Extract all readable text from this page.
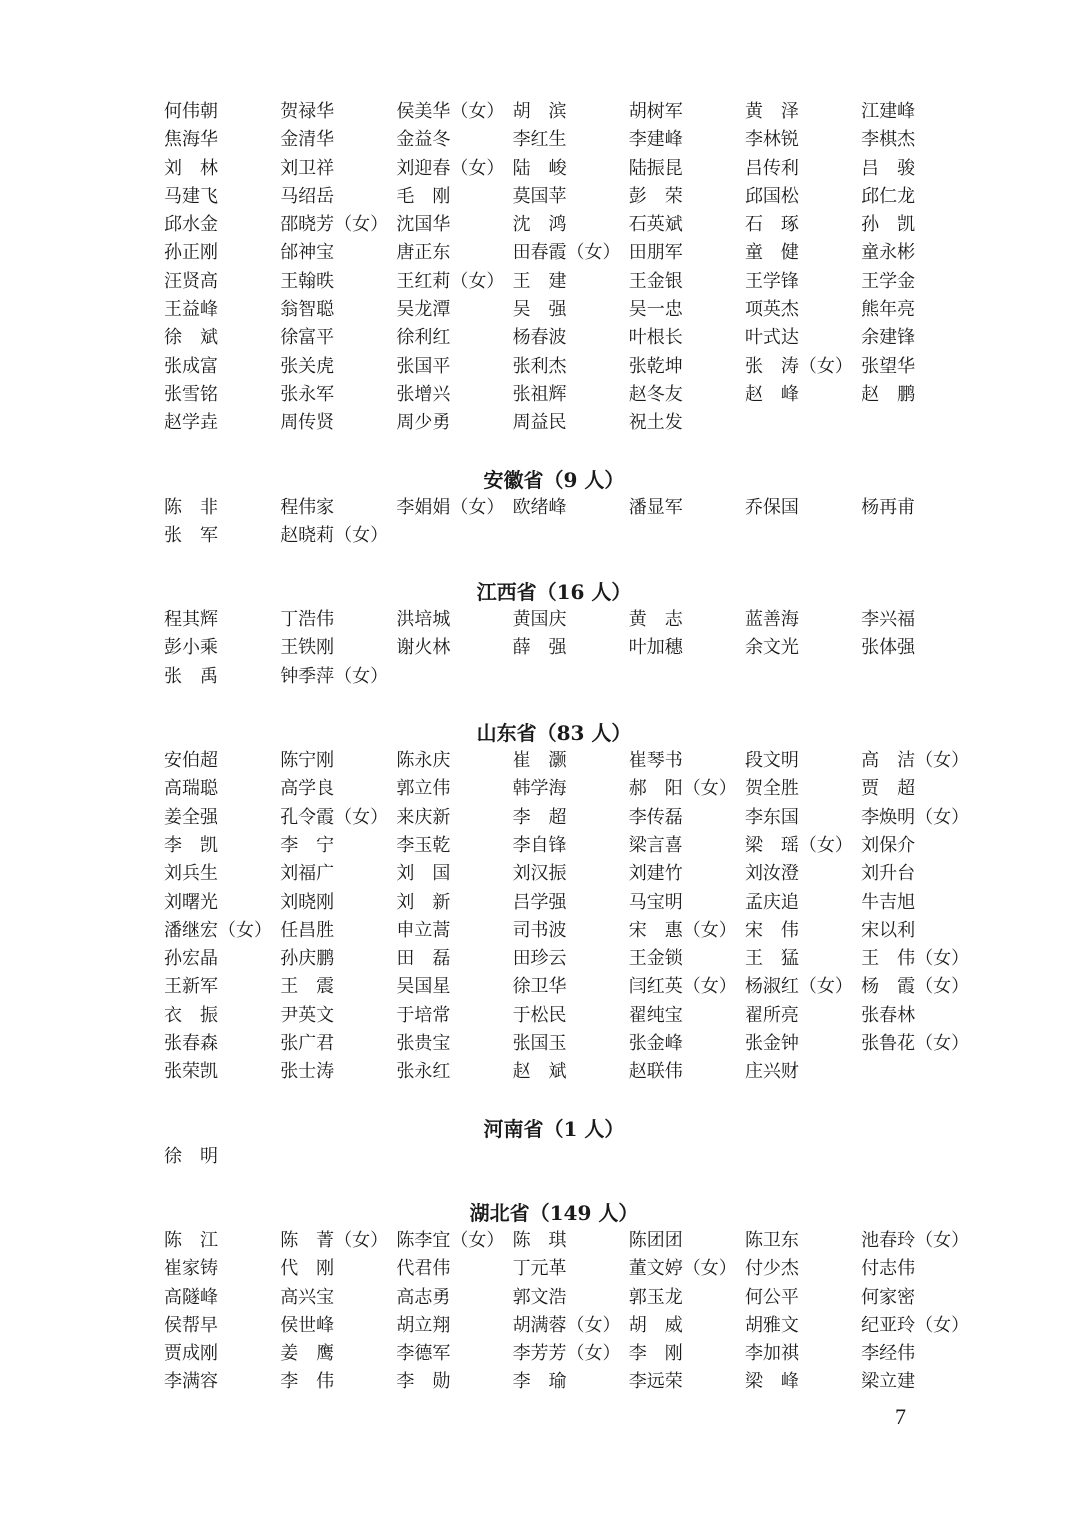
何伟朝	贺禄华	侯美华（女） 胡　滨	胡树军	黄　泽	江建峰
焦海华	金清华	金益冬	李红生	李建峰	李林锐	李棋杰
刘　林	刘卫祥	刘迎春（女） 陆　峻	陆振昆	吕传利	吕　骏
马建飞	马绍岳	毛　刚	莫国苹	彭　荣	邱国松	邱仁龙
邱水金	邵晓芳（女） 沈国华	沈　鸿	石英斌	石　琢	孙　凯
孙正刚	邰神宝	唐正东	田春霞（女） 田朋军	童　健	童永彬
汪贤高	王翰昳	王红莉（女） 王　建	王金银	王学锋	王学金
王益峰	翁智聪	吴龙潭	吴　强	吴一忠	项英杰	熊年亮
徐　斌	徐富平	徐利红	杨春波	叶根长	叶式达	余建锋
张成富	张关虎	张国平	张利杰	张乾坤	张　涛（女） 张望华
张雪铭	张永军	张增兴	张祖辉	赵冬友	赵　峰	赵　鹏
赵学垚	周传贤	周少勇	周益民	祝土发
安徽省（9 人）
陈　非	程伟家	李娟娟（女） 欧绪峰	潘显军	乔保国	杨再甫
张　军	赵晓莉（女）
江西省（16 人）
程其辉	丁浩伟	洪培城	黄国庆	黄　志	蓝善海	李兴福
彭小乘	王铁刚	谢火林	薛　强	叶加穗	余文光	张体强
张　禹	钟季萍（女）
山东省（83 人）
安伯超	陈宁刚	陈永庆	崔　灏	崔琴书	段文明	高　洁（女）
高瑞聪	高学良	郭立伟	韩学海	郝　阳（女） 贺全胜	贾　超
姜全强	孔令霞（女） 来庆新	李　超	李传磊	李东国	李焕明（女）
李　凯	李　宁	李玉乾	李自锋	梁言喜	梁　瑶（女） 刘保介
刘兵生	刘福广	刘　国	刘汉振	刘建竹	刘汝澄	刘升台
刘曙光	刘晓刚	刘　新	吕学强	马宝明	孟庆追	牛吉旭
潘继宏（女） 任昌胜	申立蒿	司书波	宋　惠（女） 宋　伟	宋以利
孙宏晶	孙庆鹏	田　磊	田珍云	王金锁	王　猛	王　伟（女）
王新军	王　震	吴国星	徐卫华	闫红英（女） 杨淑红（女） 杨　霞（女）
衣　振	尹英文	于培常	于松民	翟纯宝	翟所亮	张春林
张春森	张广君	张贵宝	张国玉	张金峰	张金钟	张鲁花（女）
张荣凯	张士涛	张永红	赵　斌	赵联伟	庄兴财
河南省（1 人）
徐　明
湖北省（149 人）
陈　江	陈　菁（女） 陈李宜（女） 陈　琪	陈团团	陈卫东	池春玲（女）
崔家铸	代　刚	代君伟	丁元革	董文婷（女） 付少杰	付志伟
高隧峰	高兴宝	高志勇	郭文浩	郭玉龙	何公平	何家密
侯帮早	侯世峰	胡立翔	胡满蓉（女） 胡　威	胡雅文	纪亚玲（女）
贾成刚	姜　鹰	李德军	李芳芳（女） 李　刚	李加祺	李经伟
李满容	李　伟	李　勋	李　瑜	李远荣	梁　峰	梁立建
7
